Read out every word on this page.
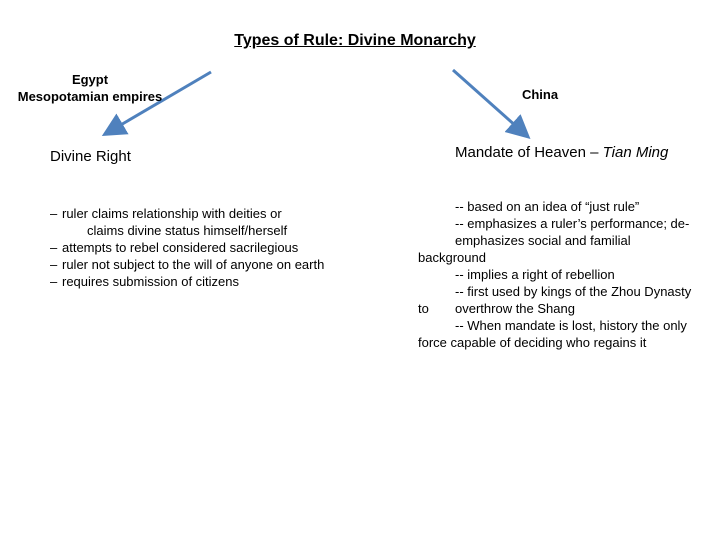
Types of Rule: Divine Monarchy
Egypt
Mesopotamian empires	China
Divine Right	Mandate of Heaven – Tian Ming
– ruler claims relationship with deities or
claims divine status himself/herself
– attempts to rebel considered sacrilegious
– ruler not subject to the will of anyone on earth
– requires submission of citizens
-- based on an idea of “just rule”
-- emphasizes a ruler’s performance; de-
emphasizes social and familial
background
-- implies a right of rebellion
-- first used by kings of the Zhou Dynasty
to	overthrow the Shang
-- When mandate is lost, history the only
force capable of deciding who regains it
